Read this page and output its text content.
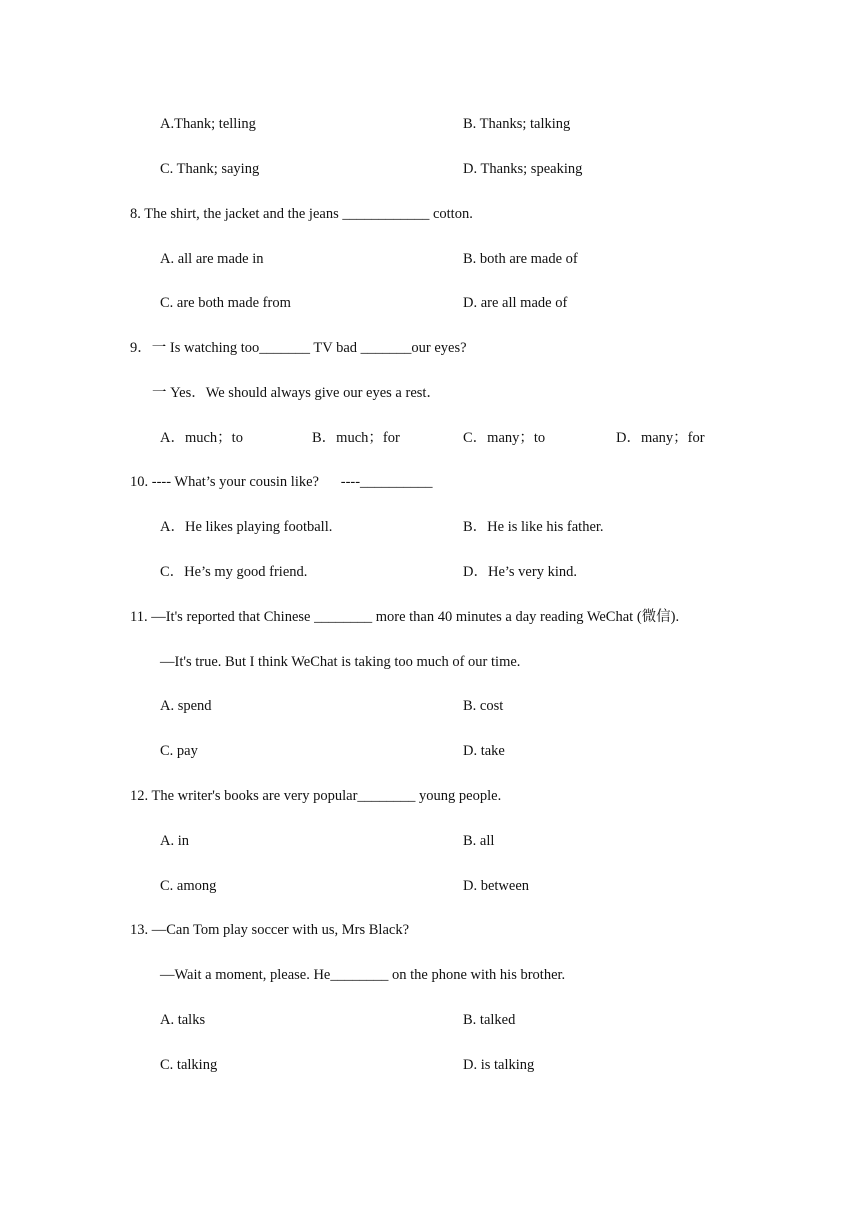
A.Thank; telling	B. Thanks; talking
C. Thank; saying	D. Thanks; speaking
8. The shirt, the jacket and the jeans ____________ cotton.
A. all are made in	B. both are made of
C. are both made from	D. are all made of
9．一 Is watching too_______ TV bad _______our eyes?
一 Yes．We should always give our eyes a rest．
A．much；to	B．much；for	C．many；to	D．many；for
10. ---- What’s your cousin like?      ----__________
A．He likes playing football.	B．He is like his father.
C．He’s my good friend.	D．He’s very kind.
11. —It's reported that Chinese ________ more than 40 minutes a day reading WeChat (微信).
—It's true. But I think WeChat is taking too much of our time.
A. spend	B. cost
C. pay	D. take
12. The writer's books are very popular________ young people.
A. in	B. all
C. among	D. between
13. —Can Tom play soccer with us, Mrs Black?
—Wait a moment, please. He________ on the phone with his brother.
A. talks	B. talked
C. talking	D. is talking
